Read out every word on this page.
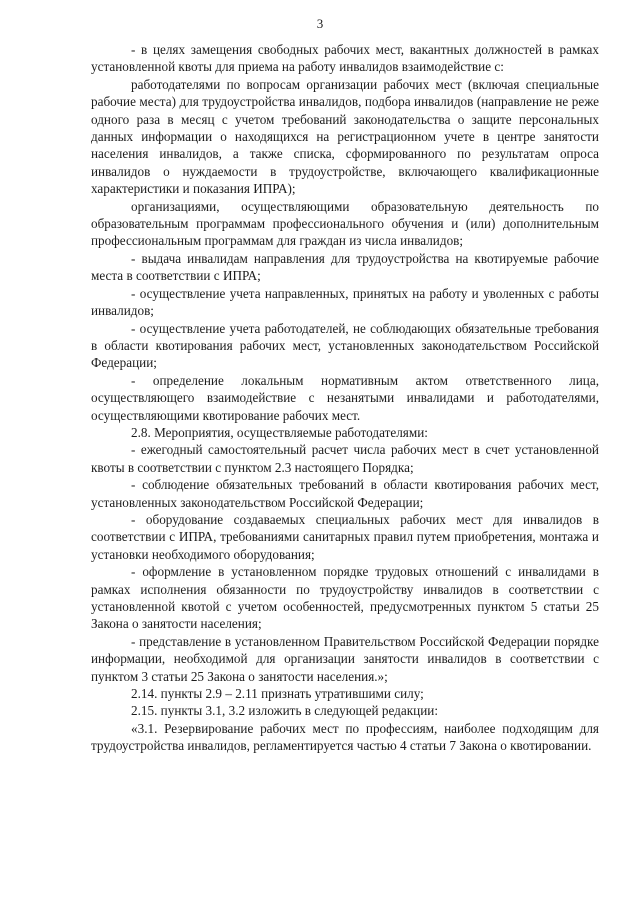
3

- в целях замещения свободных рабочих мест, вакантных должностей в рамках установленной квоты для приема на работу инвалидов взаимодействие с:

работодателями по вопросам организации рабочих мест (включая специальные рабочие места) для трудоустройства инвалидов, подбора инвалидов (направление не реже одного раза в месяц с учетом требований законодательства о защите персональных данных информации о находящихся на регистрационном учете в центре занятости населения инвалидов, а также списка, сформированного по результатам опроса инвалидов о нуждаемости в трудоустройстве, включающего квалификационные характеристики и показания ИПРА);

организациями, осуществляющими образовательную деятельность по образовательным программам профессионального обучения и (или) дополнительным профессиональным программам для граждан из числа инвалидов;

- выдача инвалидам направления для трудоустройства на квотируемые рабочие места в соответствии с ИПРА;

- осуществление учета направленных, принятых на работу и уволенных с работы инвалидов;

- осуществление учета работодателей, не соблюдающих обязательные требования в области квотирования рабочих мест, установленных законодательством Российской Федерации;

- определение локальным нормативным актом ответственного лица, осуществляющего взаимодействие с незанятыми инвалидами и работодателями, осуществляющими квотирование рабочих мест.

2.8. Мероприятия, осуществляемые работодателями:

- ежегодный самостоятельный расчет числа рабочих мест в счет установленной квоты в соответствии с пунктом 2.3 настоящего Порядка;

- соблюдение обязательных требований в области квотирования рабочих мест, установленных законодательством Российской Федерации;

- оборудование создаваемых специальных рабочих мест для инвалидов в соответствии с ИПРА, требованиями санитарных правил путем приобретения, монтажа и установки необходимого оборудования;

- оформление в установленном порядке трудовых отношений с инвалидами в рамках исполнения обязанности по трудоустройству инвалидов в соответствии с установленной квотой с учетом особенностей, предусмотренных пунктом 5 статьи 25 Закона о занятости населения;

- представление в установленном Правительством Российской Федерации порядке информации, необходимой для организации занятости инвалидов в соответствии с пунктом 3 статьи 25 Закона о занятости населения.»;

2.14. пункты 2.9 – 2.11 признать утратившими силу;

2.15. пункты 3.1, 3.2 изложить в следующей редакции:

«3.1. Резервирование рабочих мест по профессиям, наиболее подходящим для трудоустройства инвалидов, регламентируется частью 4 статьи 7 Закона о квотировании.
